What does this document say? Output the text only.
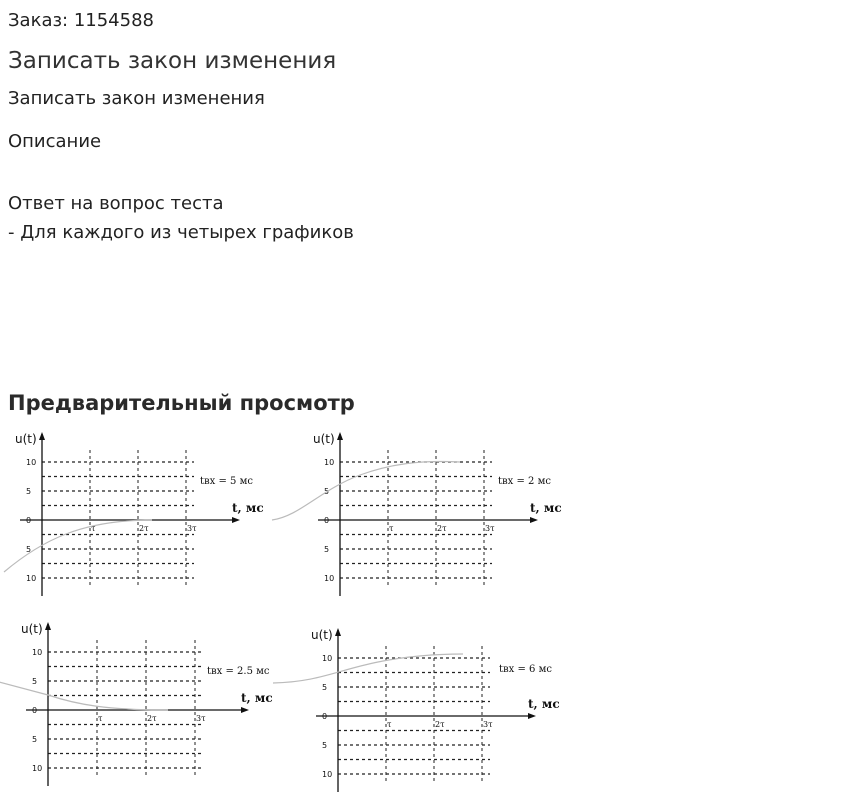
Заказ: 1154588
Записать закон изменения
Записать закон изменения
Описание
Ответ на вопрос теста
- Для каждого из четырех графиков
Предварительный просмотр
u(t)
10
5
0
5
10
τ	2τ	3τ
t, мс
tвх = 5 мс
u(t)
10
5
0
5
10
τ	2τ	3τ
t, мс
tвх = 2 мс
u(t)
10
5
0
5
10
τ	2τ	3τ
t, мс
tвх = 2.5 мс
u(t)
10
5
0
5
10
τ	2τ	3τ
t, мс
tвх = 6 мс
